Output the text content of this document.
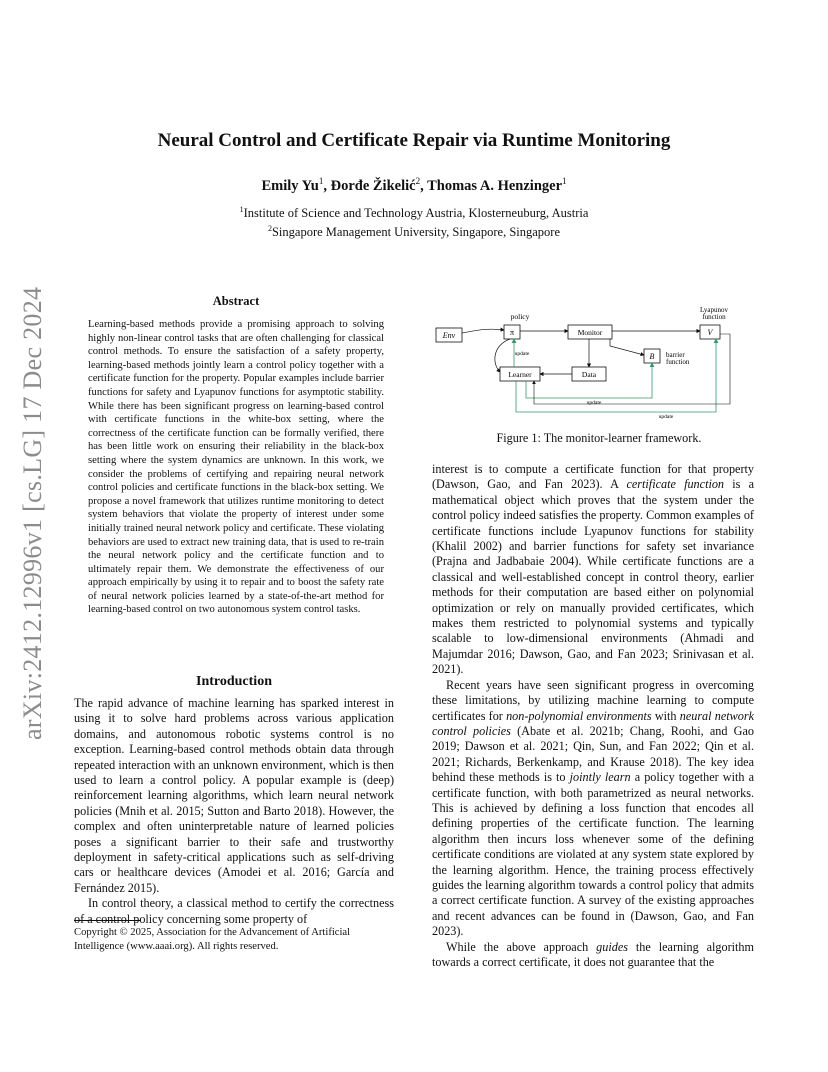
arXiv:2412.12996v1 [cs.LG] 17 Dec 2024
Neural Control and Certificate Repair via Runtime Monitoring
Emily Yu$^1$, Đorđe Žikelić$^2$, Thomas A. Henzinger$^1$
$^1$Institute of Science and Technology Austria, Klosterneuburg, Austria
$^2$Singapore Management University, Singapore, Singapore
Abstract
Learning-based methods provide a promising approach to solving highly non-linear control tasks that are often challenging for classical control methods. To ensure the satisfaction of a safety property, learning-based methods jointly learn a control policy together with a certificate function for the property. Popular examples include barrier functions for safety and Lyapunov functions for asymptotic stability. While there has been significant progress on learning-based control with certificate functions in the white-box setting, where the correctness of the certificate function can be formally verified, there has been little work on ensuring their reliability in the black-box setting where the system dynamics are unknown. In this work, we consider the problems of certifying and repairing neural network control policies and certificate functions in the black-box setting. We propose a novel framework that utilizes runtime monitoring to detect system behaviors that violate the property of interest under some initially trained neural network policy and certificate. These violating behaviors are used to extract new training data, that is used to re-train the neural network policy and the certificate function and to ultimately repair them. We demonstrate the effectiveness of our approach empirically by using it to repair and to boost the safety rate of neural network policies learned by a state-of-the-art method for learning-based control on two autonomous system control tasks.
Introduction

The rapid advance of machine learning has sparked interest in using it to solve hard problems across various application domains, and autonomous robotic systems control is no exception. Learning-based control methods obtain data through repeated interaction with an unknown environment, which is then used to learn a control policy. A popular example is (deep) reinforcement learning algorithms, which learn neural network policies (Mnih et al. 2015; Sutton and Barto 2018). However, the complex and often uninterpretable nature of learned policies poses a significant barrier to their safe and trustworthy deployment in safety-critical applications such as self-driving cars or healthcare devices (Amodei et al. 2016; García and Fernández 2015).

In control theory, a classical method to certify the correctness of a control policy concerning some property of

Copyright © 2025, Association for the Advancement of Artificial Intelligence (www.aaai.org). All rights reserved.
Env
policy
π	Monitor
Lyapunov
function
V
B barrier
function
Learner	Data
update
update
update
Figure 1: The monitor-learner framework.

interest is to compute a certificate function for that property (Dawson, Gao, and Fan 2023). A certificate function is a mathematical object which proves that the system under the control policy indeed satisfies the property. Common examples of certificate functions include Lyapunov functions for stability (Khalil 2002) and barrier functions for safety set invariance (Prajna and Jadbabaie 2004). While certificate functions are a classical and well-established concept in control theory, earlier methods for their computation are based either on polynomial optimization or rely on manually provided certificates, which makes them restricted to polynomial systems and typically scalable to low-dimensional environments (Ahmadi and Majumdar 2016; Dawson, Gao, and Fan 2023; Srinivasan et al. 2021).

Recent years have seen significant progress in overcoming these limitations, by utilizing machine learning to compute certificates for non-polynomial environments with neural network control policies (Abate et al. 2021b; Chang, Roohi, and Gao 2019; Dawson et al. 2021; Qin, Sun, and Fan 2022; Qin et al. 2021; Richards, Berkenkamp, and Krause 2018). The key idea behind these methods is to jointly learn a policy together with a certificate function, with both parametrized as neural networks. This is achieved by defining a loss function that encodes all defining properties of the certificate function. The learning algorithm then incurs loss whenever some of the defining certificate conditions are violated at any system state explored by the learning algorithm. Hence, the training process effectively guides the learning algorithm towards a control policy that admits a correct certificate function. A survey of the existing approaches and recent advances can be found in (Dawson, Gao, and Fan 2023).

While the above approach guides the learning algorithm towards a correct certificate, it does not guarantee that the
